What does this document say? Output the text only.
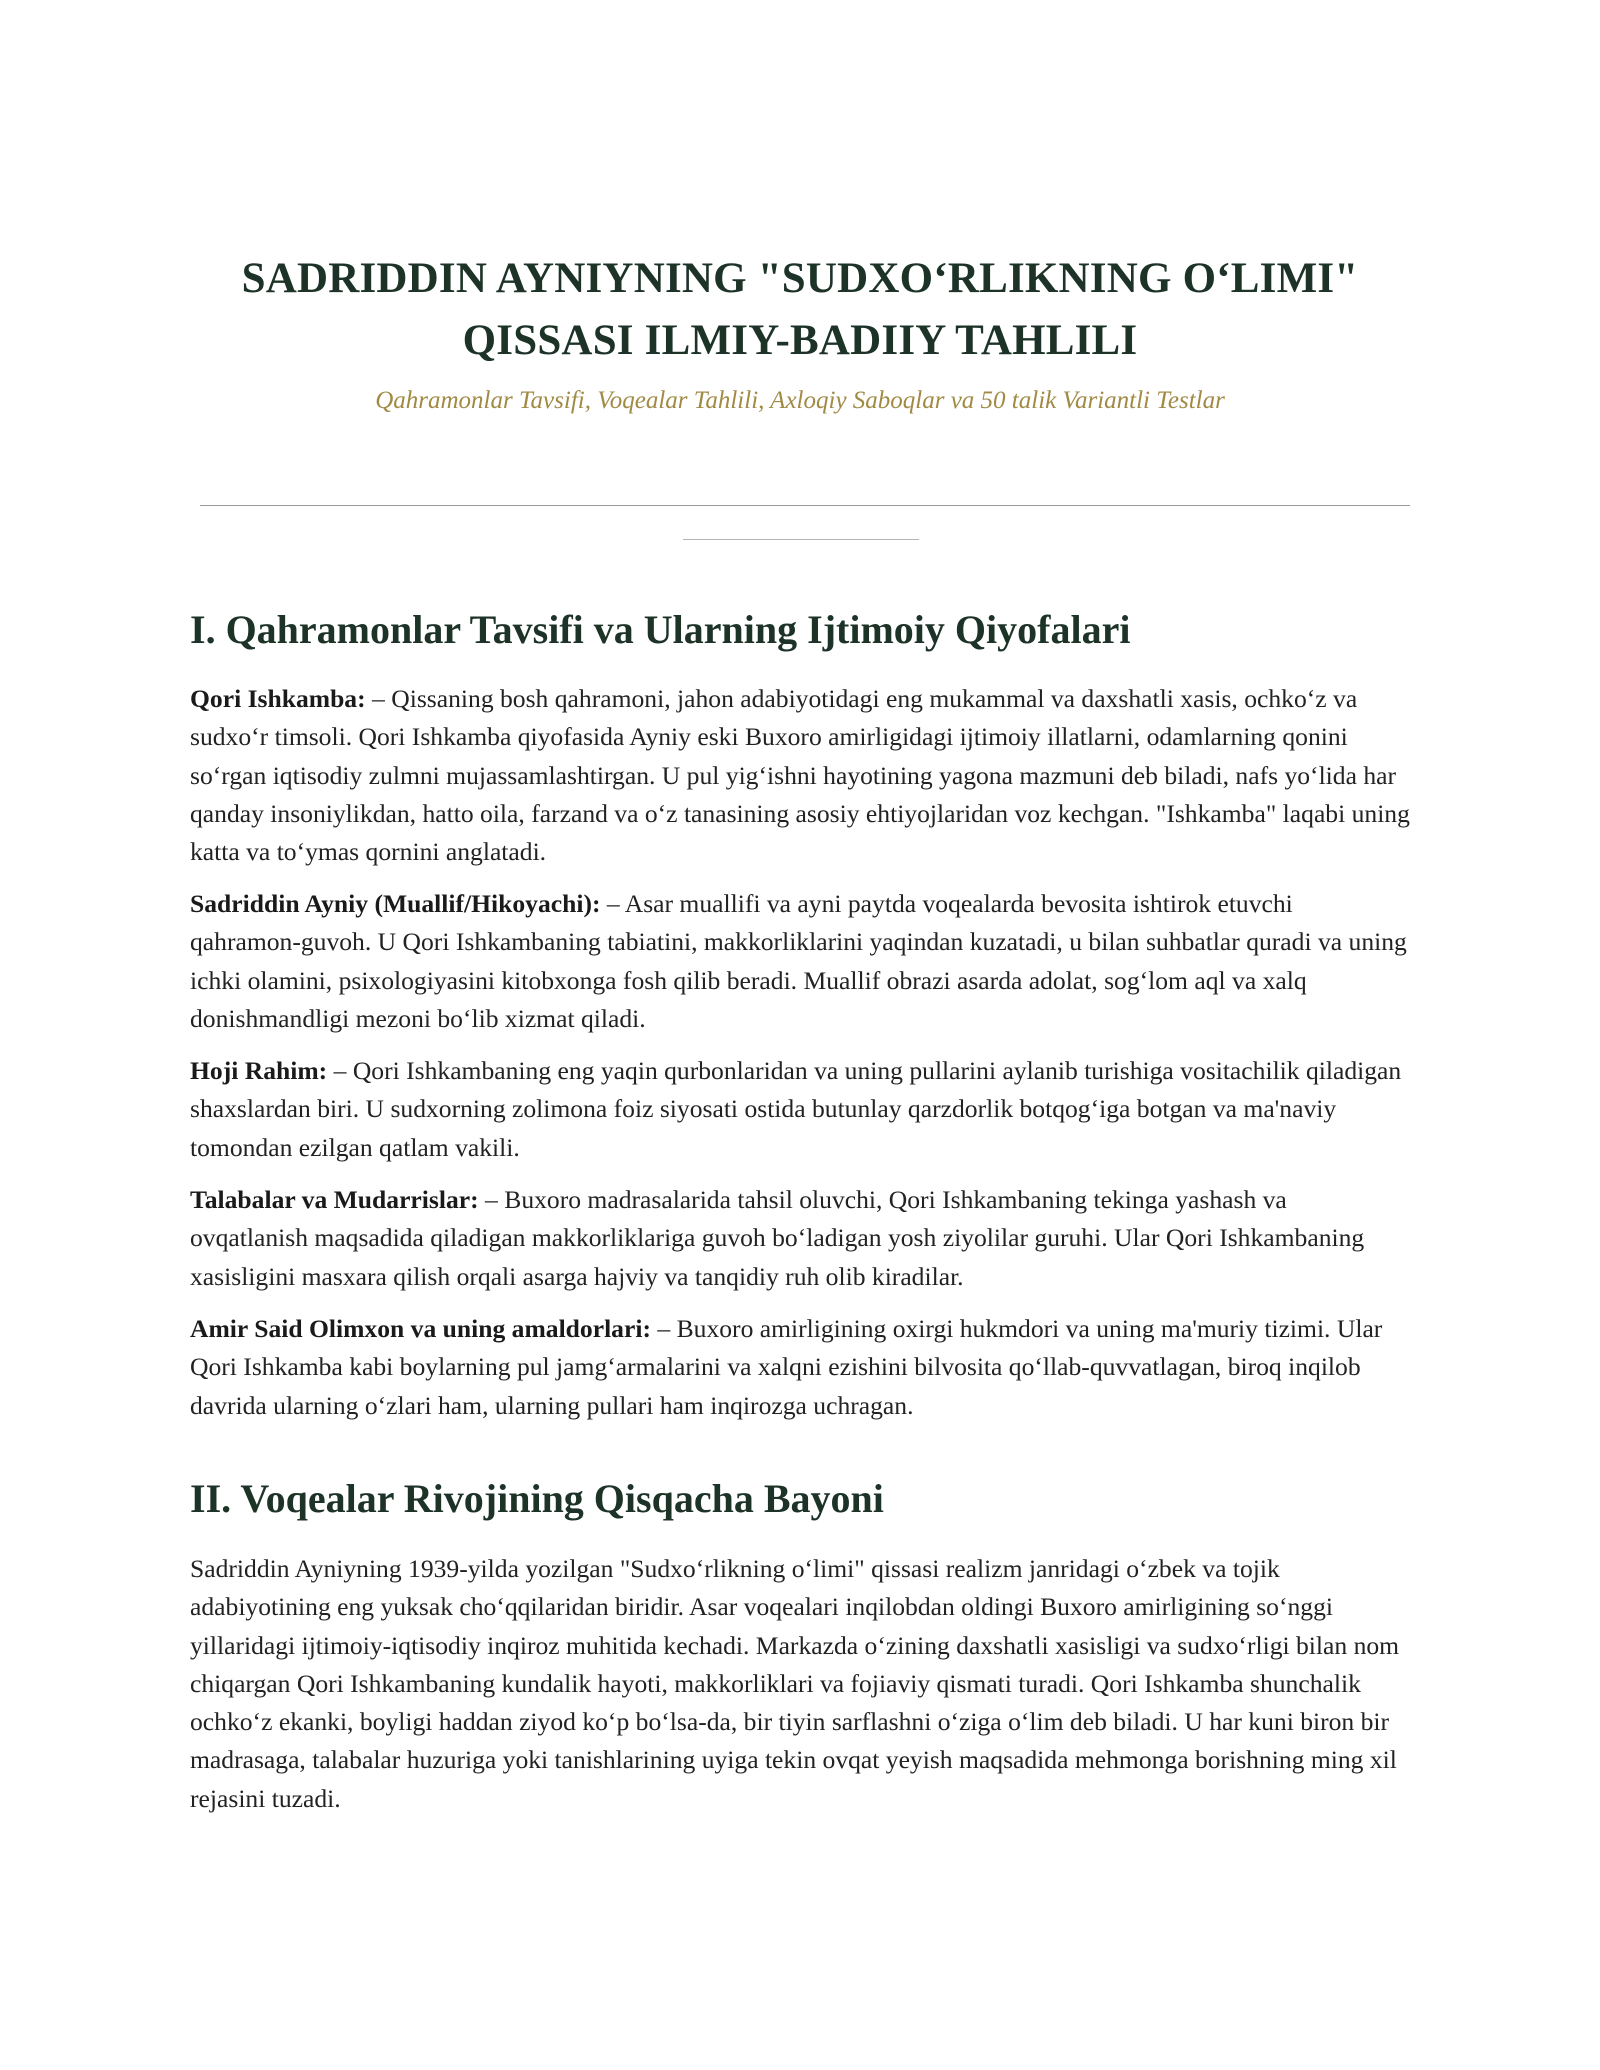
SADRIDDIN AYNIYNING "SUDXO‘RLIKNING O‘LIMI" QISSASI ILMIY-BADIIY TAHLILI
Qahramonlar Tavsifi, Voqealar Tahlili, Axloqiy Saboqlar va 50 talik Variantli Testlar
I. Qahramonlar Tavsifi va Ularning Ijtimoiy Qiyofalari

Qori Ishkamba: – Qissaning bosh qahramoni, jahon adabiyotidagi eng mukammal va daxshatli xasis, ochko‘z va sudxo‘r timsoli. Qori Ishkamba qiyofasida Ayniy eski Buxoro amirligidagi ijtimoiy illatlarni, odamlarning qonini so‘rgan iqtisodiy zulmni mujassamlashtirgan. U pul yig‘ishni hayotining yagona mazmuni deb biladi, nafs yo‘lida har qanday insoniylikdan, hatto oila, farzand va o‘z tanasining asosiy ehtiyojlaridan voz kechgan. "Ishkamba" laqabi uning katta va to‘ymas qornini anglatadi.

Sadriddin Ayniy (Muallif/Hikoyachi): – Asar muallifi va ayni paytda voqealarda bevosita ishtirok etuvchi qahramon-guvoh. U Qori Ishkambaning tabiatini, makkorliklarini yaqindan kuzatadi, u bilan suhbatlar quradi va uning ichki olamini, psixologiyasini kitobxonga fosh qilib beradi. Muallif obrazi asarda adolat, sog‘lom aql va xalq donishmandligi mezoni bo‘lib xizmat qiladi.

Hoji Rahim: – Qori Ishkambaning eng yaqin qurbonlaridan va uning pullarini aylanib turishiga vositachilik qiladigan shaxslardan biri. U sudxorning zolimona foiz siyosati ostida butunlay qarzdorlik botqog‘iga botgan va ma'naviy tomondan ezilgan qatlam vakili.

Talabalar va Mudarrislar: – Buxoro madrasalarida tahsil oluvchi, Qori Ishkambaning tekinga yashash va ovqatlanish maqsadida qiladigan makkorliklariga guvoh bo‘ladigan yosh ziyolilar guruhi. Ular Qori Ishkambaning xasisligini masxara qilish orqali asarga hajviy va tanqidiy ruh olib kiradilar.

Amir Said Olimxon va uning amaldorlari: – Buxoro amirligining oxirgi hukmdori va uning ma'muriy tizimi. Ular Qori Ishkamba kabi boylarning pul jamg‘armalarini va xalqni ezishini bilvosita qo‘llab-quvvatlagan, biroq inqilob davrida ularning o‘zlari ham, ularning pullari ham inqirozga uchragan.

II. Voqealar Rivojining Qisqacha Bayoni

Sadriddin Ayniyning 1939-yilda yozilgan "Sudxo‘rlikning o‘limi" qissasi realizm janridagi o‘zbek va tojik adabiyotining eng yuksak cho‘qqilaridan biridir. Asar voqealari inqilobdan oldingi Buxoro amirligining so‘nggi yillaridagi ijtimoiy-iqtisodiy inqiroz muhitida kechadi. Markazda o‘zining daxshatli xasisligi va sudxo‘rligi bilan nom chiqargan Qori Ishkambaning kundalik hayoti, makkorliklari va fojiaviy qismati turadi. Qori Ishkamba shunchalik ochko‘z ekanki, boyligi haddan ziyod ko‘p bo‘lsa-da, bir tiyin sarflashni o‘ziga o‘lim deb biladi. U har kuni biron bir madrasaga, talabalar huzuriga yoki tanishlarining uyiga tekin ovqat yeyish maqsadida mehmonga borishning ming xil rejasini tuzadi.
